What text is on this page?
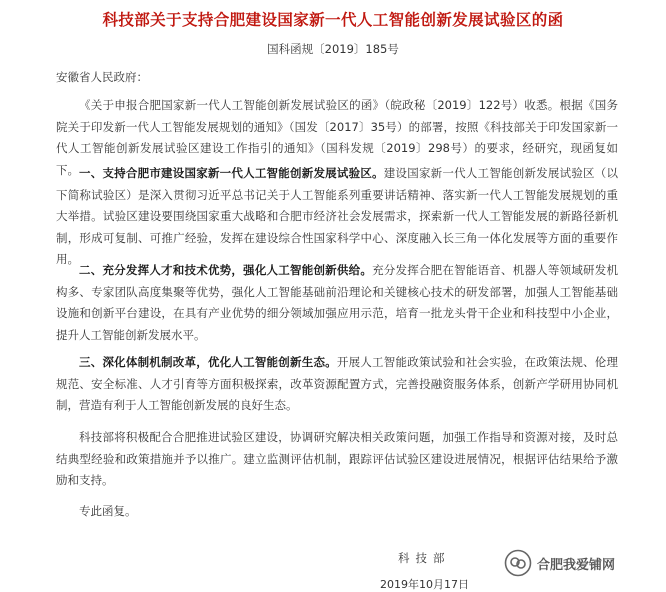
科技部关于支持合肥建设国家新一代人工智能创新发展试验区的函
国科函规〔2019〕185号
安徽省人民政府：

《关于申报合肥国家新一代人工智能创新发展试验区的函》（皖政秘〔2019〕122号）收悉。根据《国务院关于印发新一代人工智能发展规划的通知》（国发〔2017〕35号）的部署，按照《科技部关于印发国家新一代人工智能创新发展试验区建设工作指引的通知》（国科发规〔2019〕298号）的要求，经研究，现函复如下。 一、支持合肥市建设国家新一代人工智能创新发展试验区。建设国家新一代人工智能创新发展试验区（以下简称试验区）是深入贯彻习近平总书记关于人工智能系列重要讲话精神、落实新一代人工智能发展规划的重大举措。试验区建设要围绕国家重大战略和合肥市经济社会发展需求，探索新一代人工智能发展的新路径新机制，形成可复制、可推广经验，发挥在建设综合性国家科学中心、深度融入长三角一体化发展等方面的重要作用。

二、充分发挥人才和技术优势，强化人工智能创新供给。充分发挥合肥在智能语音、机器人等领域研发机构多、专家团队高度集聚等优势，强化人工智能基础前沿理论和关键核心技术的研发部署，加强人工智能基础设施和创新平台建设，在具有产业优势的细分领域加强应用示范，培育一批龙头骨干企业和科技型中小企业，提升人工智能创新发展水平。

三、深化体制机制改革，优化人工智能创新生态。开展人工智能政策试验和社会实验，在政策法规、伦理规范、安全标准、人才引育等方面积极探索，改革资源配置方式，完善投融资服务体系，创新产学研用协同机制，营造有利于人工智能创新发展的良好生态。

科技部将积极配合合肥推进试验区建设，协调研究解决相关政策问题，加强工作指导和资源对接，及时总结典型经验和政策措施并予以推广。建立监测评估机制，跟踪评估试验区建设进展情况，根据评估结果给予激励和支持。

专此函复。
科技部
2019年10月17日
合肥我爱铺网
